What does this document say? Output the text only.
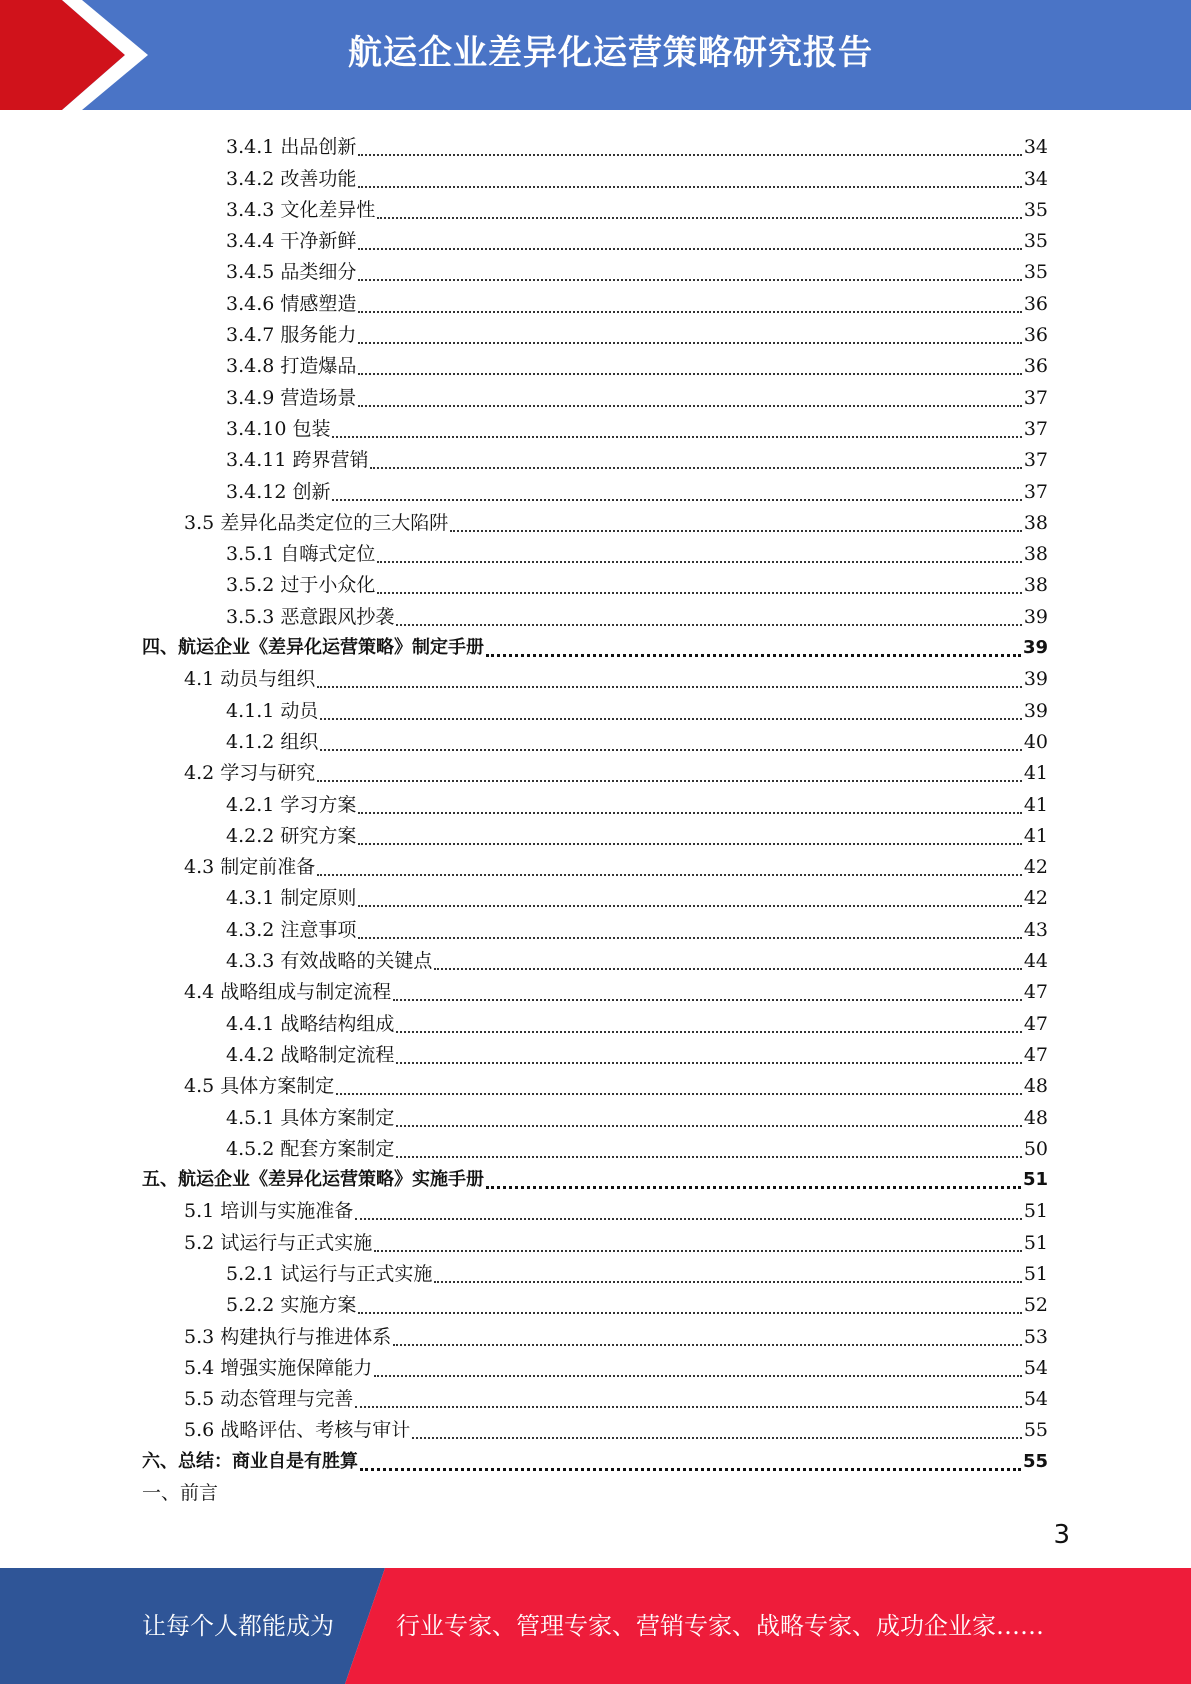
航运企业差异化运营策略研究报告
3.4.1 出品创新	34
3.4.2 改善功能	34
3.4.3 文化差异性	35
3.4.4 干净新鲜	35
3.4.5 品类细分	35
3.4.6 情感塑造	36
3.4.7 服务能力	36
3.4.8 打造爆品	36
3.4.9 营造场景	37
3.4.10 包装	37
3.4.11 跨界营销	37
3.4.12 创新	37
3.5 差异化品类定位的三大陷阱	38
3.5.1 自嗨式定位	38
3.5.2 过于小众化	38
3.5.3 恶意跟风抄袭	39
四、航运企业《差异化运营策略》制定手册	39
4.1 动员与组织	39
4.1.1 动员	39
4.1.2 组织	40
4.2 学习与研究	41
4.2.1 学习方案	41
4.2.2 研究方案	41
4.3 制定前准备	42
4.3.1 制定原则	42
4.3.2 注意事项	43
4.3.3 有效战略的关键点	44
4.4 战略组成与制定流程	47
4.4.1 战略结构组成	47
4.4.2 战略制定流程	47
4.5 具体方案制定	48
4.5.1 具体方案制定	48
4.5.2 配套方案制定	50
五、航运企业《差异化运营策略》实施手册	51
5.1 培训与实施准备	51
5.2 试运行与正式实施	51
5.2.1 试运行与正式实施	51
5.2.2 实施方案	52
5.3 构建执行与推进体系	53
5.4 增强实施保障能力	54
5.5 动态管理与完善	54
5.6 战略评估、考核与审计	55
六、总结：商业自是有胜算	55
一、前言
3
让每个人都能成为	行业专家、管理专家、营销专家、战略专家、成功企业家……
